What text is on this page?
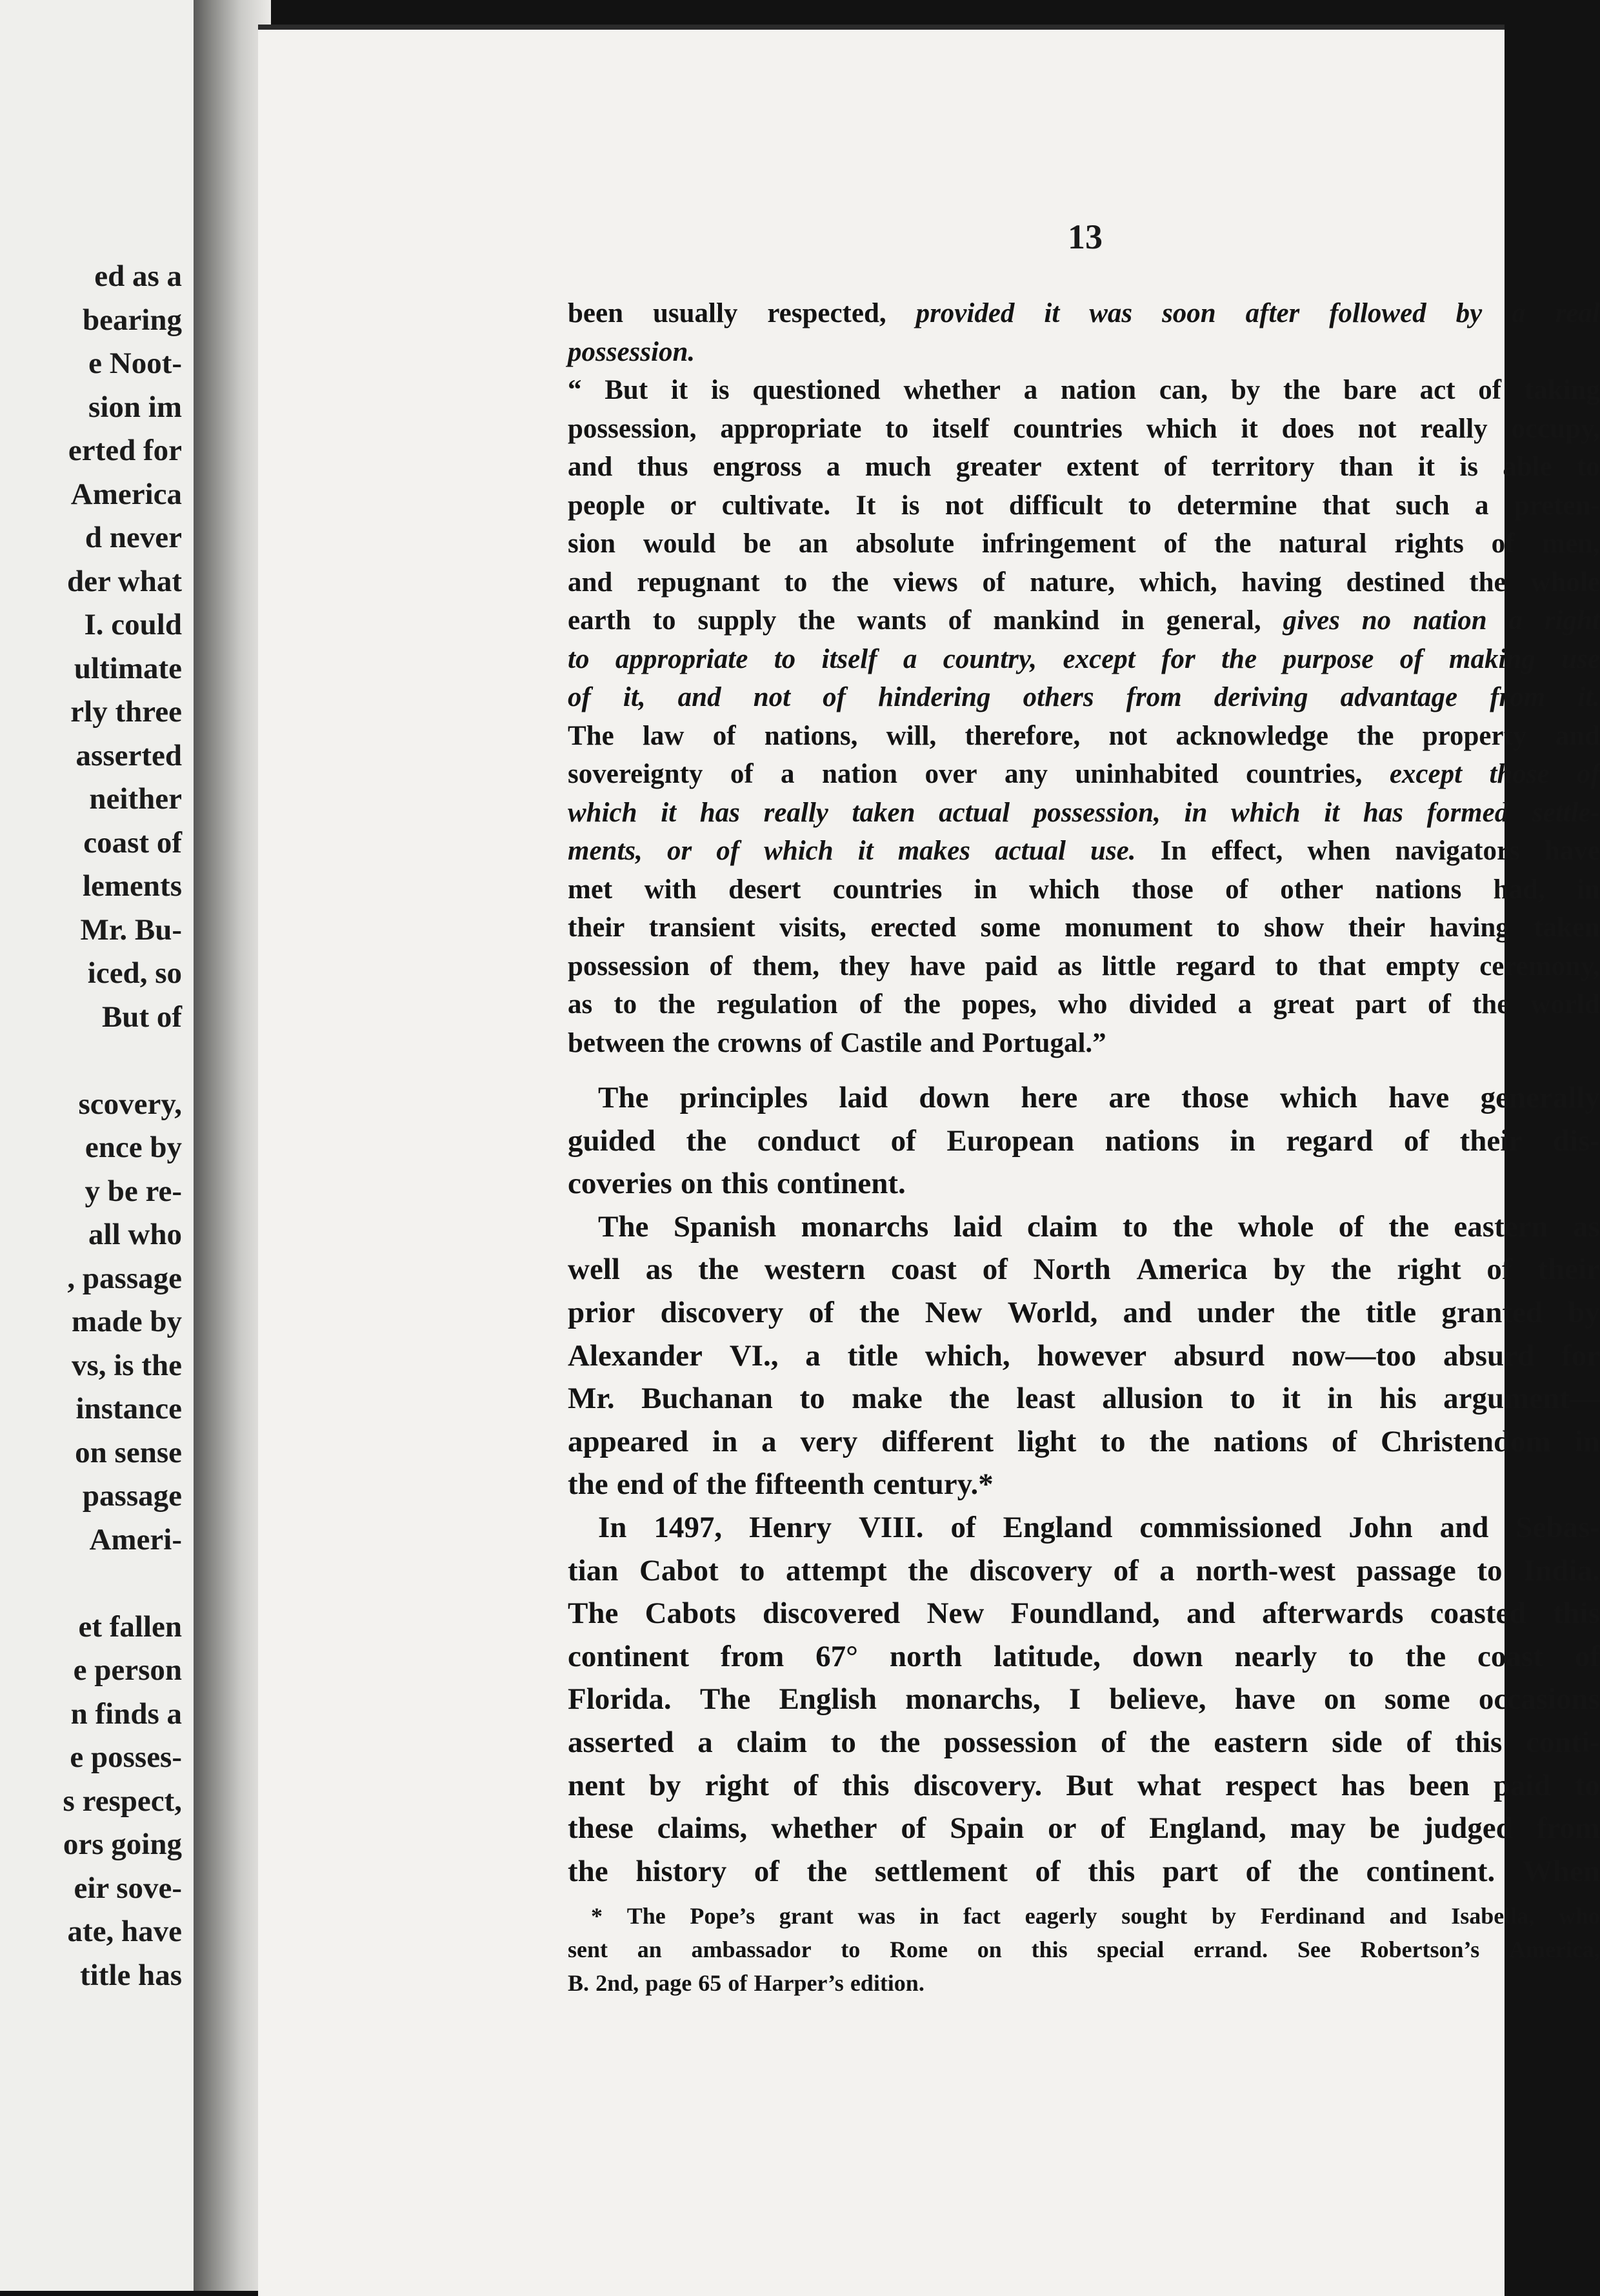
ed as a
bearing
e Noot-
sion im
erted for
America
d never
der what
I. could
ultimate
rly three
asserted
neither
coast of
lements
Mr. Bu-
iced, so
But of
scovery,
ence by
y be re-
all who
, passage
made by
vs, is the
instance
on sense
passage
Ameri-
et fallen
e person
n finds a
e posses-
s respect,
ors going
eir sove-
ate, have
title has
13
been usually respected, provided it was soon after followed by a real
possession.
“ But it is questioned whether a nation can, by the bare act of taking
possession, appropriate to itself countries which it does not really occupy,
and thus engross a much greater extent of territory than it is able to
people or cultivate. It is not difficult to determine that such a preten-
sion would be an absolute infringement of the natural rights of men,
and repugnant to the views of nature, which, having destined the whole
earth to supply the wants of mankind in general, gives no nation a right
to appropriate to itself a country, except for the purpose of making use
of it, and not of hindering others from deriving advantage from it.
The law of nations, will, therefore, not acknowledge the property and
sovereignty of a nation over any uninhabited countries, except those of
which it has really taken actual possession, in which it has formed settle-
ments, or of which it makes actual use. In effect, when navigators have
met with desert countries in which those of other nations had, in
their transient visits, erected some monument to show their having taken
possession of them, they have paid as little regard to that empty ceremony,
as to the regulation of the popes, who divided a great part of the world
between the crowns of Castile and Portugal.”
 The principles laid down here are those which have generally
guided the conduct of European nations in regard of their dis-
coveries on this continent.
 The Spanish monarchs laid claim to the whole of the eastern as
well as the western coast of North America by the right of their
prior discovery of the New World, and under the title granted by
Alexander VI., a title which, however absurd now—too absurd for
Mr. Buchanan to make the least allusion to it in his argument—
appeared in a very different light to the nations of Christendom in
the end of the fifteenth century.*
 In 1497, Henry VIII. of England commissioned John and Sebas-
tian Cabot to attempt the discovery of a north-west passage to India.
The Cabots discovered New Foundland, and afterwards coasted this
continent from 67° north latitude, down nearly to the coast of
Florida. The English monarchs, I believe, have on some occasions
asserted a claim to the possession of the eastern side of this conti-
nent by right of this discovery. But what respect has been paid to
these claims, whether of Spain or of England, may be judged from
the history of the settlement of this part of the continent. When
 * The Pope’s grant was in fact eagerly sought by Ferdinand and Isabella, who
sent an ambassador to Rome on this special errand. See Robertson’s America,
B. 2nd, page 65 of Harper’s edition.
